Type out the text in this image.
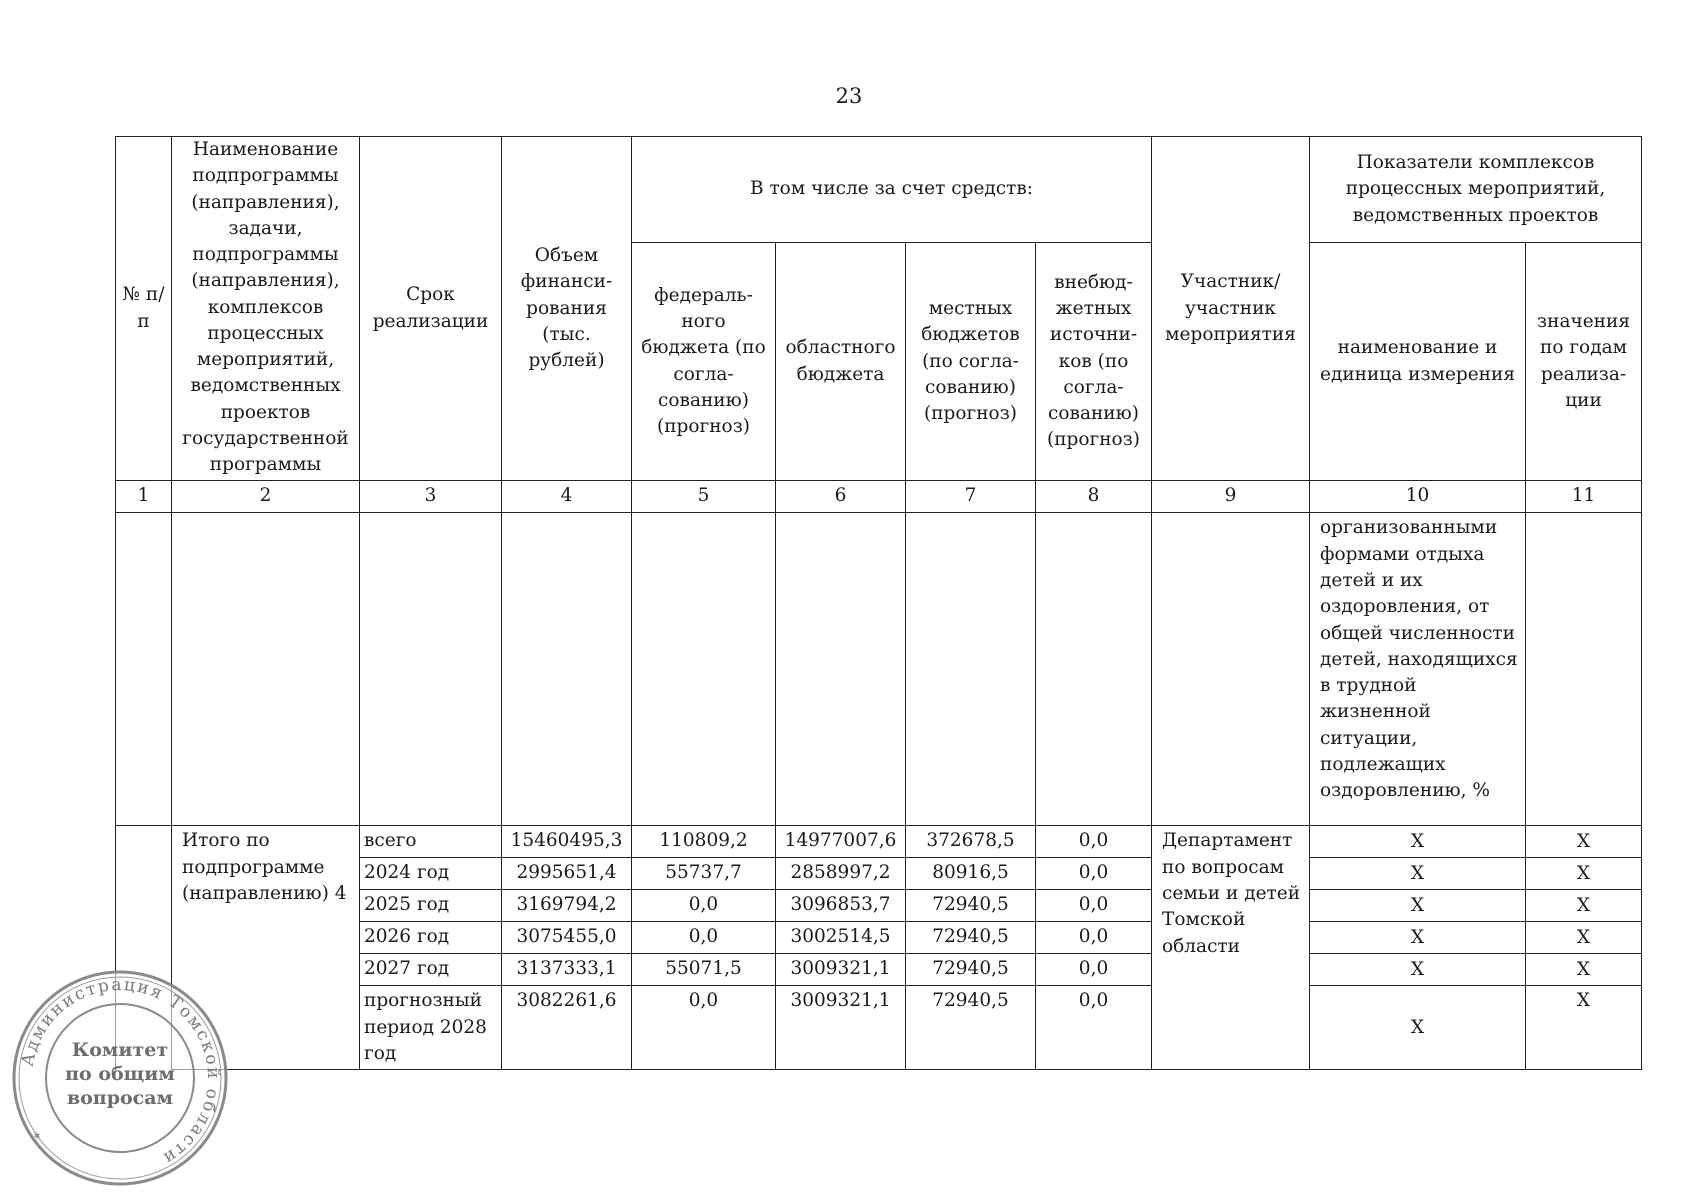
23
№ п/п	Наименование подпрограммы (направления), задачи, подпрограммы (направления), комплексов процессных мероприятий, ведомственных проектов государственной программы	Срок реализации	Объем финанси-рования (тыс. рублей)	В том числе за счет средств:				Участник/ участник мероприятия	Показатели комплексов процессных мероприятий, ведомственных проектов	
				федераль-ного бюджета (по согла-сованию) (прогноз)	областного бюджета	местных бюджетов (по согла-сованию) (прогноз)	внебюд-жетных источни-ков (по согла-сованию) (прогноз)		наименование и единица измерения	значения по годам реализа-ции
1	2	3	4	5	6	7	8	9	10	11
									организованными формами отдыха детей и их оздоровления, от общей численности детей, находящихся в трудной жизненной ситуации, подлежащих оздоровлению, %	
	Итого по подпрограмме (направлению) 4	всего	15460495,3	110809,2	14977007,6	372678,5	0,0	Департамент по вопросам семьи и детей Томской области	Х	Х
		2024 год	2995651,4	55737,7	2858997,2	80916,5	0,0		Х	Х
		2025 год	3169794,2	0,0	3096853,7	72940,5	0,0		Х	Х
		2026 год	3075455,0	0,0	3002514,5	72940,5	0,0		Х	Х
		2027 год	3137333,1	55071,5	3009321,1	72940,5	0,0		Х	Х
		прогнозный период 2028 год	3082261,6	0,0	3009321,1	72940,5	0,0		Х	Х
Администрация Томской области
Комитет
по общим
вопросам
✶
